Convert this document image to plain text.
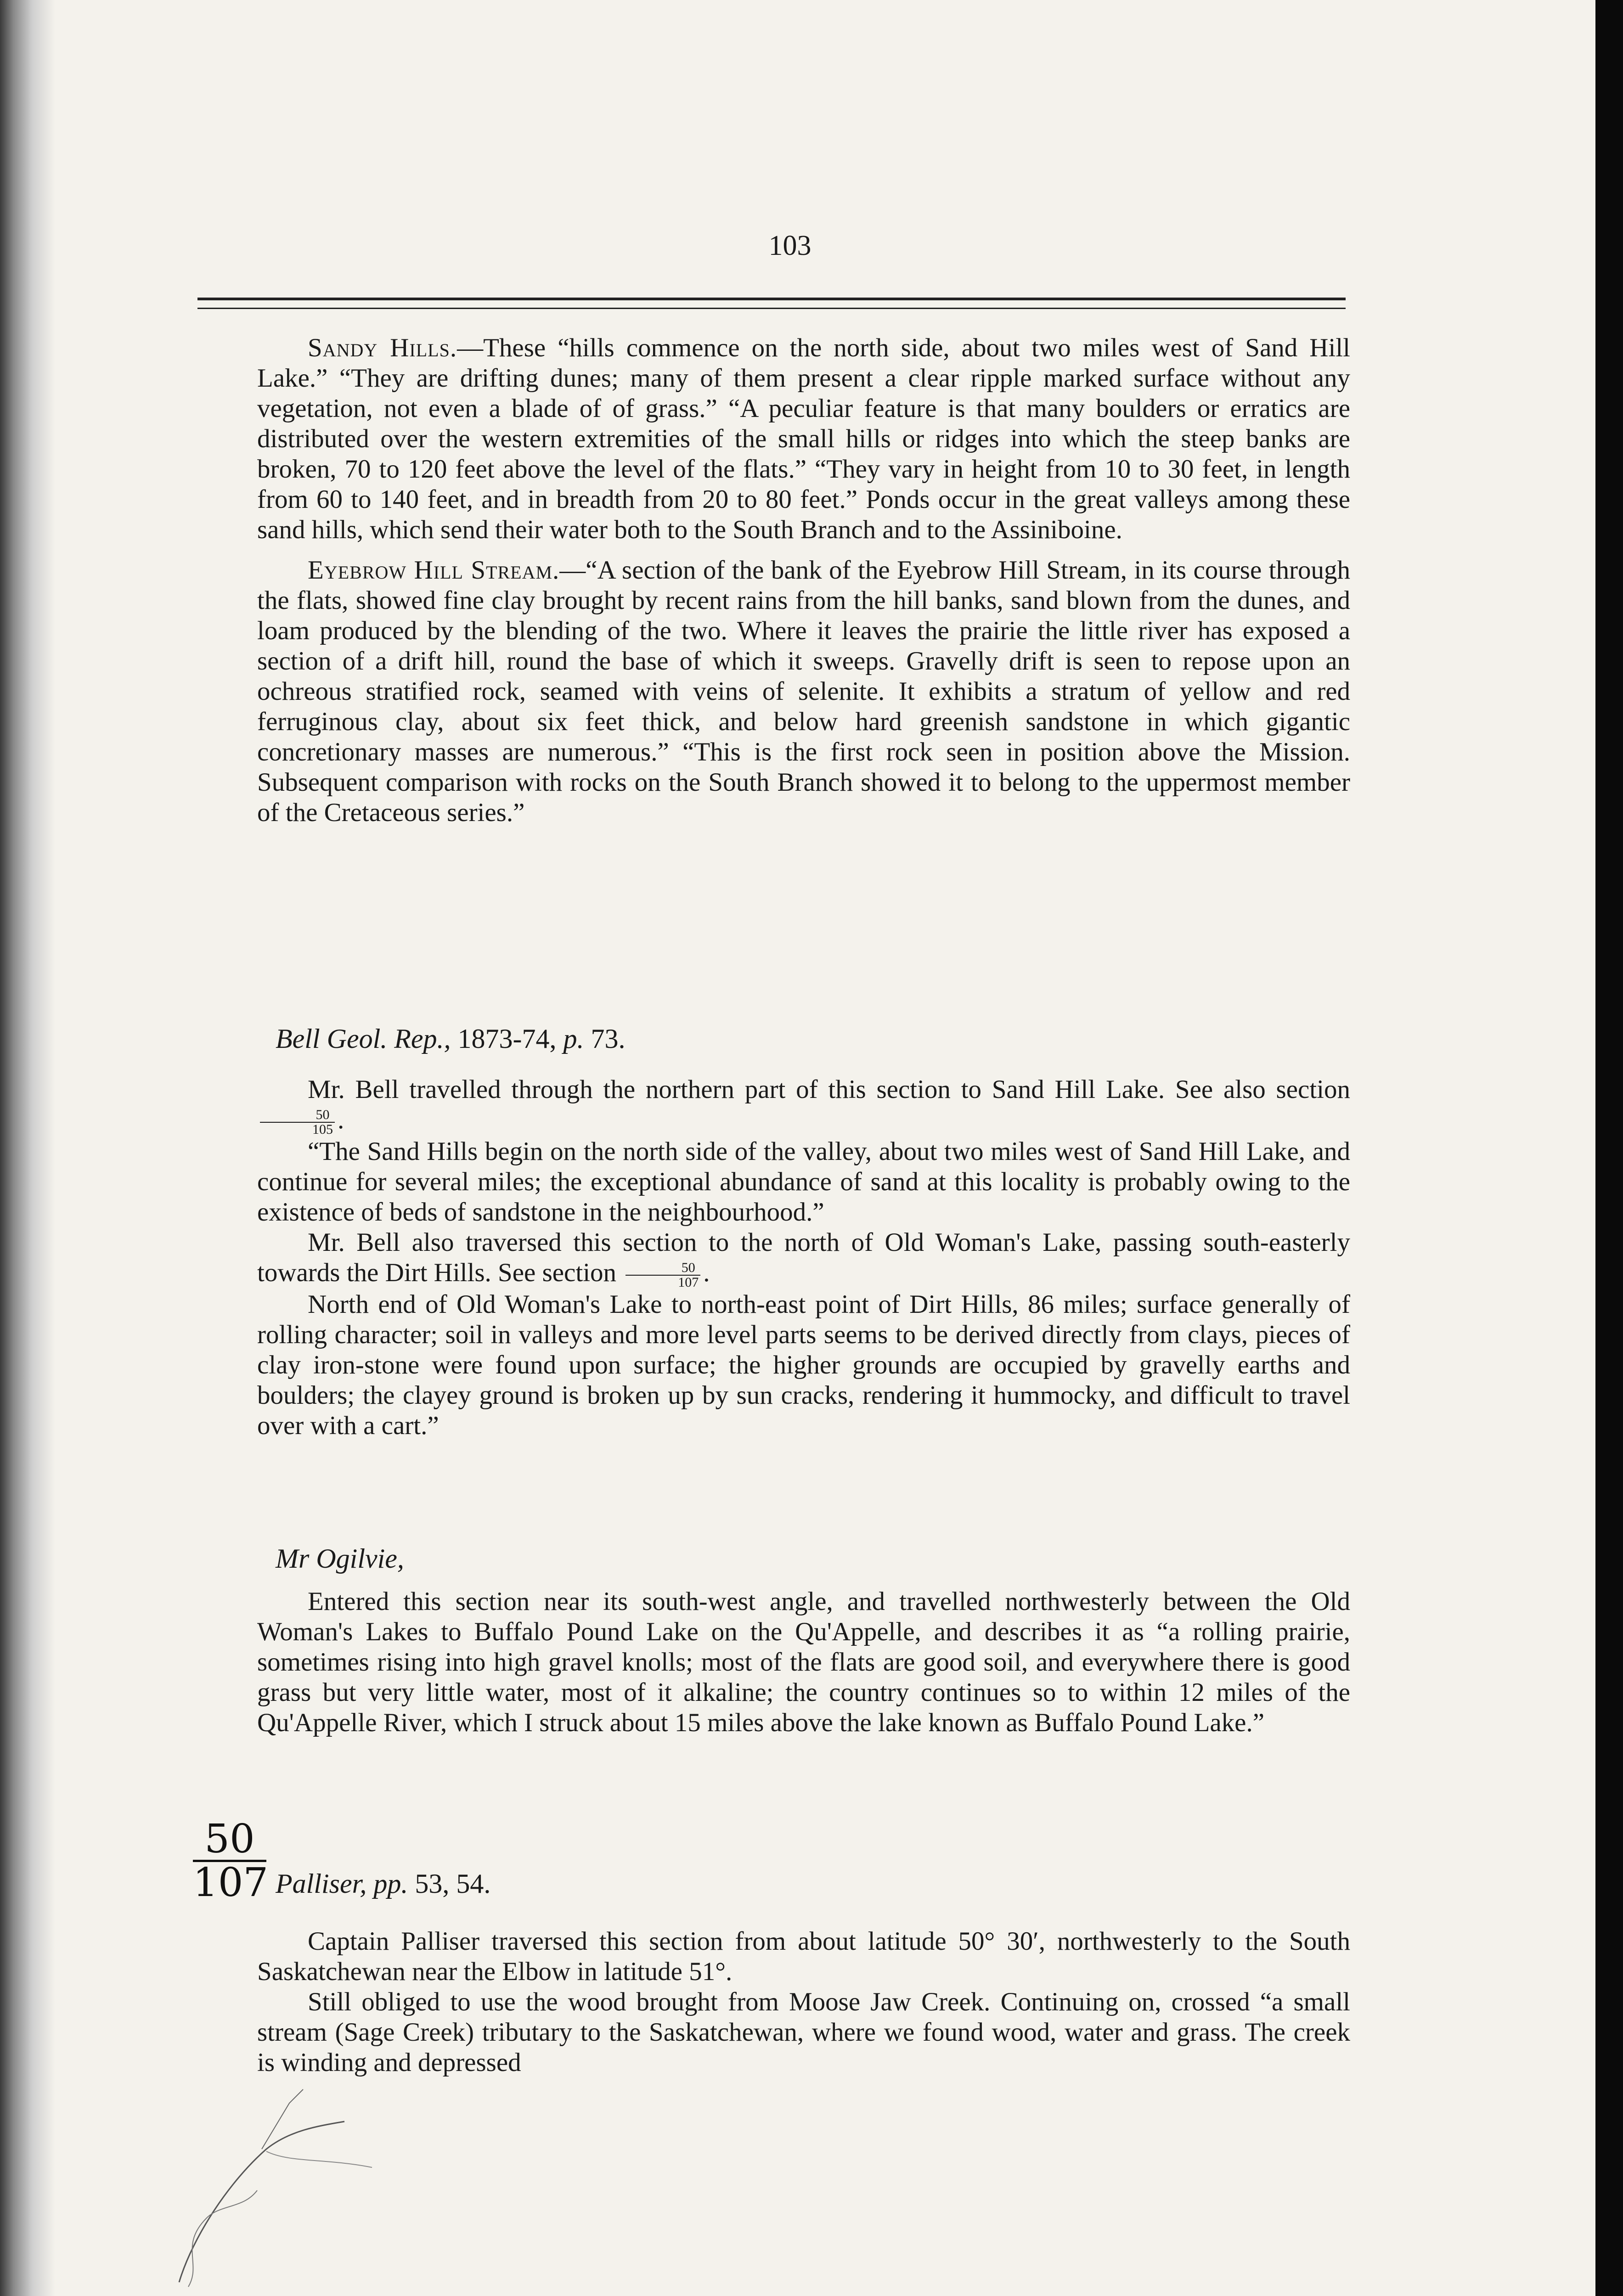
103

Sandy Hills.—These “hills commence on the north side, about two miles west of Sand Hill Lake.” “They are drifting dunes; many of them present a clear ripple marked surface without any vegetation, not even a blade of of grass.” “A peculiar feature is that many boulders or erratics are distributed over the western extremities of the small hills or ridges into which the steep banks are broken, 70 to 120 feet above the level of the flats.” “They vary in height from 10 to 30 feet, in length from 60 to 140 feet, and in breadth from 20 to 80 feet.” Ponds occur in the great valleys among these sand hills, which send their water both to the South Branch and to the Assiniboine.

Eyebrow Hill Stream.—“A section of the bank of the Eyebrow Hill Stream, in its course through the flats, showed fine clay brought by recent rains from the hill banks, sand blown from the dunes, and loam produced by the blending of the two. Where it leaves the prairie the little river has exposed a section of a drift hill, round the base of which it sweeps. Gravelly drift is seen to repose upon an ochreous stratified rock, seamed with veins of selenite. It exhibits a stratum of yellow and red ferruginous clay, about six feet thick, and below hard greenish sandstone in which gigantic concretionary masses are numerous.” “This is the first rock seen in position above the Mission. Subsequent comparison with rocks on the South Branch showed it to belong to the uppermost member of the Cretaceous series.”

Bell Geol. Rep., 1873-74, p. 73.

Mr. Bell travelled through the northern part of this section to Sand Hill Lake. See also section
$\frac{50}{105}$ .

“The Sand Hills begin on the north side of the valley, about two miles west of Sand Hill Lake, and continue for several miles; the exceptional abundance of sand at this locality is probably owing to the existence of beds of sandstone in the neighbourhood.”

Mr. Bell also traversed this section to the north of Old Woman's Lake, passing south-easterly towards the Dirt Hills. See section $\frac{50}{107}$ .

North end of Old Woman's Lake to north-east point of Dirt Hills, 86 miles; surface generally of rolling character; soil in valleys and more level parts seems to be derived directly from clays, pieces of clay iron-stone were found upon surface; the higher grounds are occupied by gravelly earths and boulders; the clayey ground is broken up by sun cracks, rendering it hummocky, and difficult to travel over with a cart.”

Mr Ogilvie,

Entered this section near its south-west angle, and travelled northwesterly between the Old Woman's Lakes to Buffalo Pound Lake on the Qu'Appelle, and describes it as “a rolling prairie, sometimes rising into high gravel knolls; most of the flats are good soil, and everywhere there is good grass but very little water, most of it alkaline; the country continues so to within 12 miles of the Qu'Appelle River, which I struck about 15 miles above the lake known as Buffalo Pound Lake.”

$\frac{50}{107}$ Palliser, pp. 53, 54.

Captain Palliser traversed this section from about latitude 50° 30′, northwesterly to the South Saskatchewan near the Elbow in latitude 51°.

Still obliged to use the wood brought from Moose Jaw Creek. Continuing on, crossed “a small stream (Sage Creek) tributary to the Saskatchewan, where we found wood, water and grass. The creek is winding and depressed
